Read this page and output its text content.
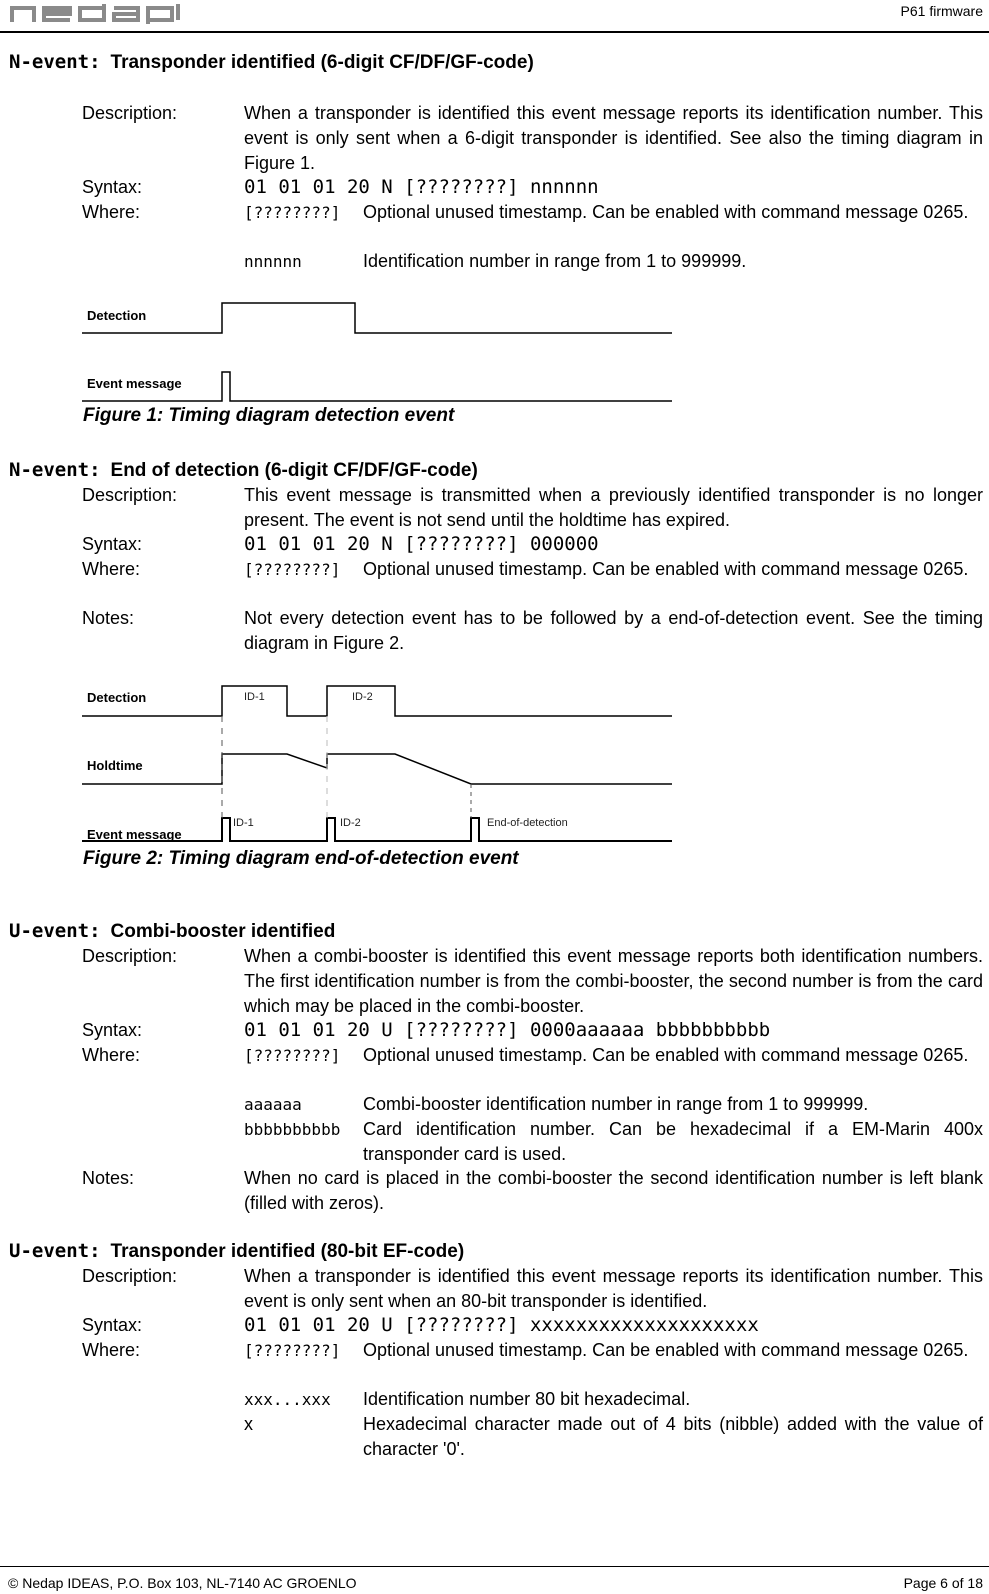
P61 firmware
N-event: Transponder identified (6-digit CF/DF/GF-code)
Description:	When a transponder is identified this event message reports its identification number. This event is only sent when a 6-digit transponder is identified. See also the timing diagram in Figure 1.
Syntax:	01 01 01 20 N [????????] nnnnnn
Where:	[????????] Optional unused timestamp. Can be enabled with command message 0265.
nnnnnn	Identification number in range from 1 to 999999.
Detection
Event message
Figure 1: Timing diagram detection event
N-event: End of detection (6-digit CF/DF/GF-code)
Description:	This event message is transmitted when a previously identified transponder is no longer present. The event is not send until the holdtime has expired.
Syntax:	01 01 01 20 N [????????] 000000
Where:	[????????] Optional unused timestamp. Can be enabled with command message 0265.
Notes:	Not every detection event has to be followed by a end-of-detection event. See the timing diagram in Figure 2.
Detection
Holdtime
Event message
ID-1	ID-2
ID-1	ID-2	End-of-detection
Figure 2: Timing diagram end-of-detection event
U-event: Combi-booster identified
Description:	When a combi-booster is identified this event message reports both identification numbers. The first identification number is from the combi-booster, the second number is from the card which may be placed in the combi-booster.
Syntax:	01 01 01 20 U [????????] 0000aaaaaa bbbbbbbbbb
Where:	[????????] Optional unused timestamp. Can be enabled with command message 0265.
aaaaaa	Combi-booster identification number in range from 1 to 999999.
bbbbbbbbbb Card identification number. Can be hexadecimal if a EM-Marin 400x transponder card is used.
Notes:	When no card is placed in the combi-booster the second identification number is left blank (filled with zeros).
U-event: Transponder identified (80-bit EF-code)
Description:	When a transponder is identified this event message reports its identification number. This event is only sent when an 80-bit transponder is identified.
Syntax:	01 01 01 20 U [????????] xxxxxxxxxxxxxxxxxxxx
Where:	[????????] Optional unused timestamp. Can be enabled with command message 0265.
xxx...xxx Identification number 80 bit hexadecimal.
x	Hexadecimal character made out of 4 bits (nibble) added with the value of character '0'.
© Nedap IDEAS, P.O. Box 103, NL-7140 AC GROENLO	Page 6 of 18
